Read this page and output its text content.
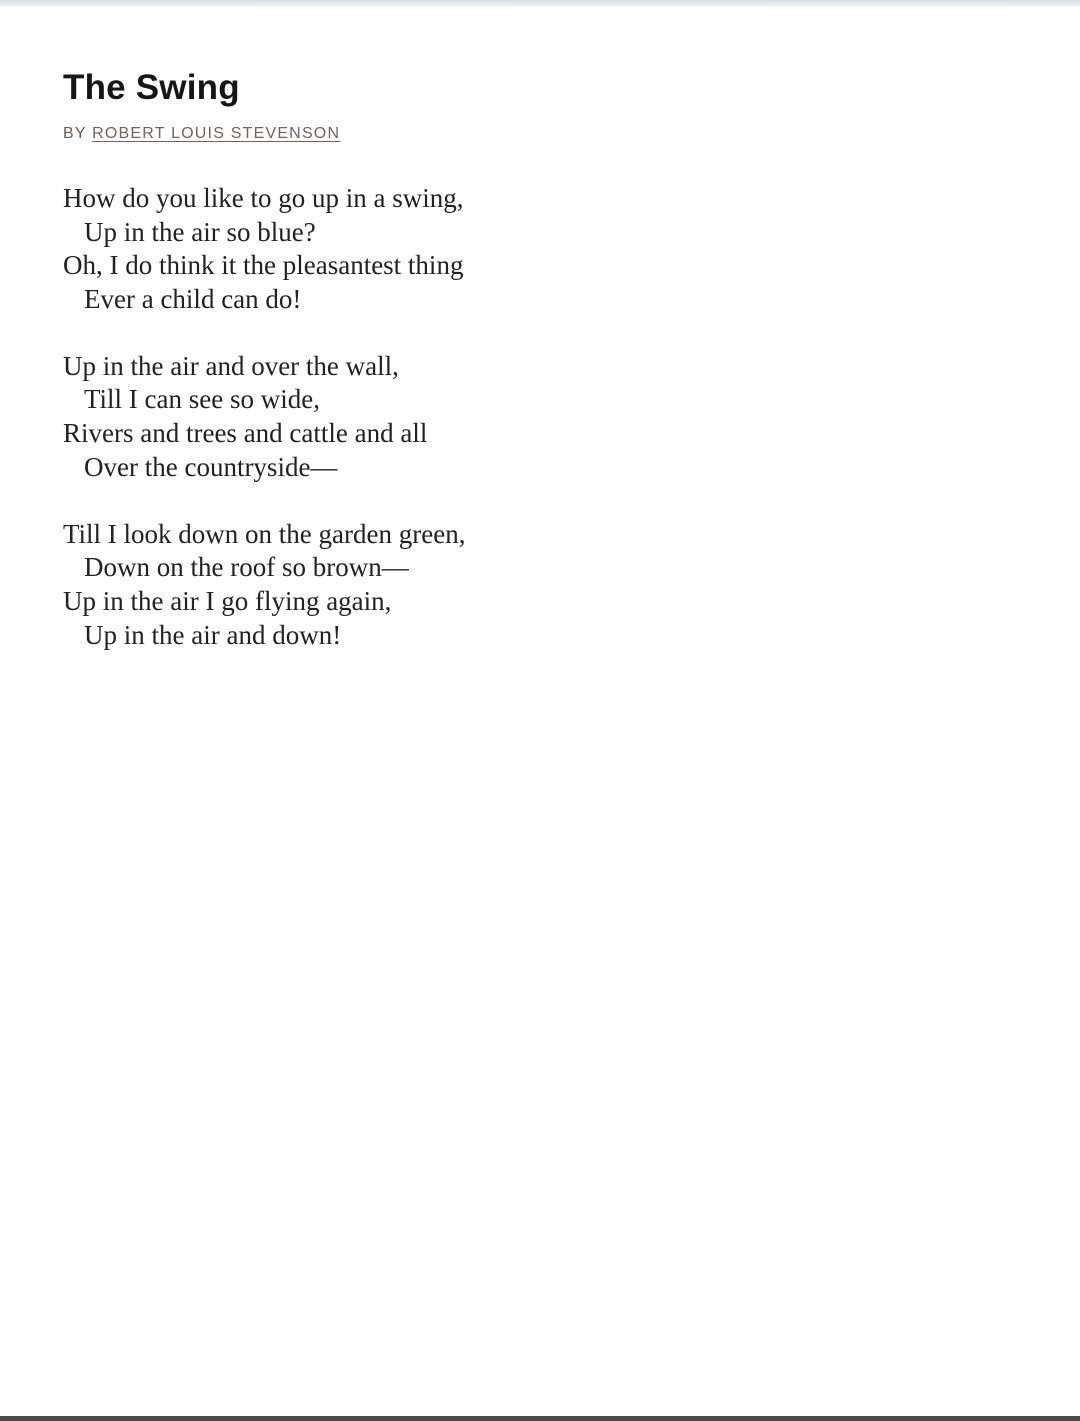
The Swing
BY ROBERT LOUIS STEVENSON
How do you like to go up in a swing,
Up in the air so blue?
Oh, I do think it the pleasantest thing
Ever a child can do!
Up in the air and over the wall,
Till I can see so wide,
Rivers and trees and cattle and all
Over the countryside—
Till I look down on the garden green,
Down on the roof so brown—
Up in the air I go flying again,
Up in the air and down!
